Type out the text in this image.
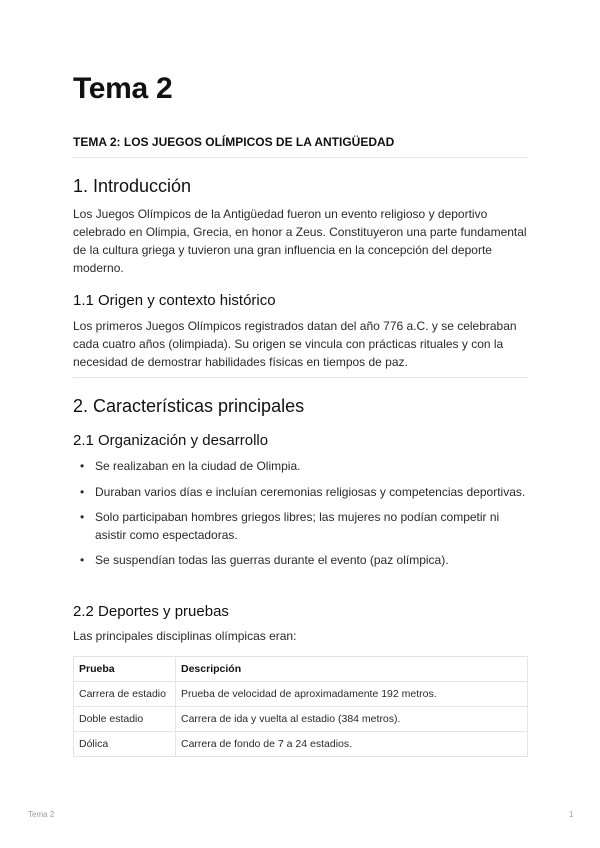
Tema 2
TEMA 2: LOS JUEGOS OLÍMPICOS DE LA ANTIGÜEDAD
1. Introducción

Los Juegos Olímpicos de la Antigüedad fueron un evento religioso y deportivo celebrado en Olimpia, Grecia, en honor a Zeus. Constituyeron una parte fundamental de la cultura griega y tuvieron una gran influencia en la concepción del deporte moderno.

1.1 Origen y contexto histórico

Los primeros Juegos Olímpicos registrados datan del año 776 a.C. y se celebraban cada cuatro años (olimpiada). Su origen se vincula con prácticas rituales y con la necesidad de demostrar habilidades físicas en tiempos de paz.

2. Características principales
2.1 Organización y desarrollo
• Se realizaban en la ciudad de Olimpia.
• Duraban varios días e incluían ceremonias religiosas y competencias deportivas.
• Solo participaban hombres griegos libres; las mujeres no podían competir ni asistir como espectadoras.
• Se suspendían todas las guerras durante el evento (paz olímpica).
2.2 Deportes y pruebas

Las principales disciplinas olímpicas eran:

Prueba	Descripción
Carrera de estadio	Prueba de velocidad de aproximadamente 192 metros.
Doble estadio	Carrera de ida y vuelta al estadio (384 metros).
Dólica	Carrera de fondo de 7 a 24 estadios.
Tema 2	1
